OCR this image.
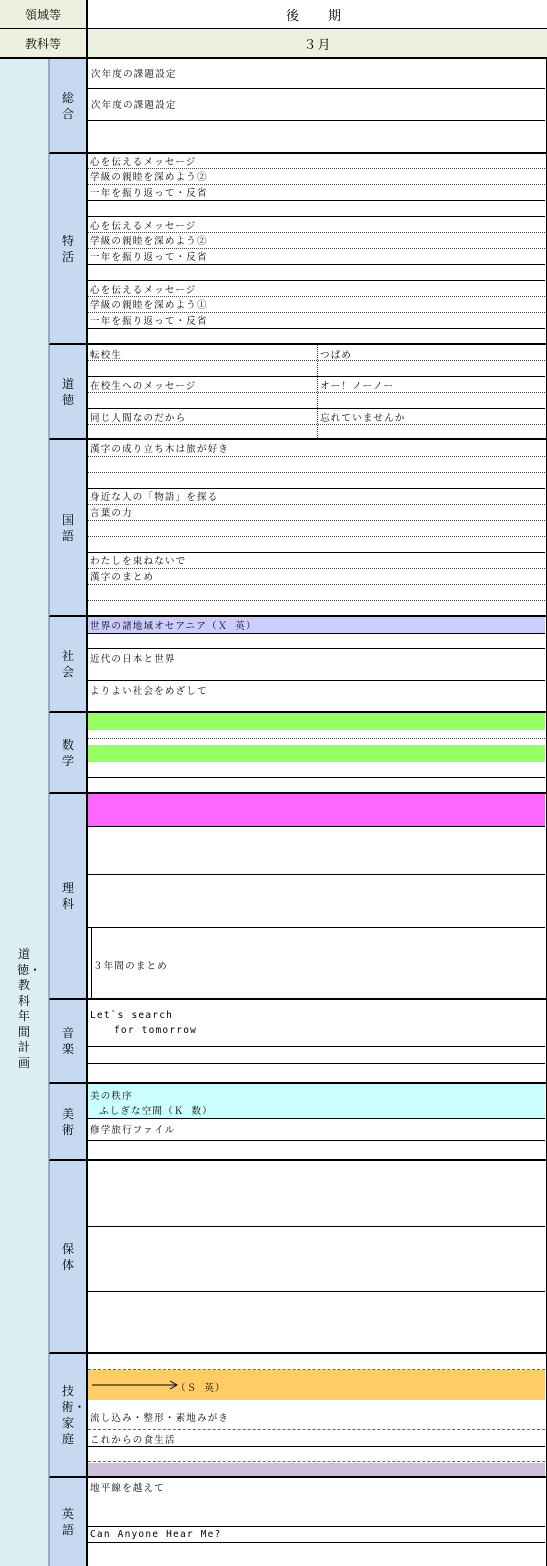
領域等	後　期
教科等	３月
道徳・教科年間計画
総合
次年度の課題設定
次年度の課題設定
特活
心を伝えるメッセージ
学級の親睦を深めよう②
一年を振り返って・反省
心を伝えるメッセージ
学級の親睦を深めよう②
一年を振り返って・反省
心を伝えるメッセージ
学級の親睦を深めよう①
一年を振り返って・反省
道徳
転校生	つばめ
在校生へのメッセージ	オー！ノーノー
同じ人間なのだから	忘れていませんか
国語
漢字の成り立ち木は旅が好き
身近な人の「物語」を探る
言葉の力
わたしを束ねないで
漢字のまとめ
社会
世界の諸地域オセアニア（Ｘ 英）
近代の日本と世界
よりよい社会をめざして
数学
理科
３年間のまとめ
音楽
Let`s search
for tomorrow
美術
美の秩序
ふしぎな空間（Ｋ 数）
修学旅行ファイル
保体
技術・家庭
（Ｓ 英）
流し込み・整形・素地みがき
これからの食生活
英語
地平線を越えて
Can Anyone Hear Me?
